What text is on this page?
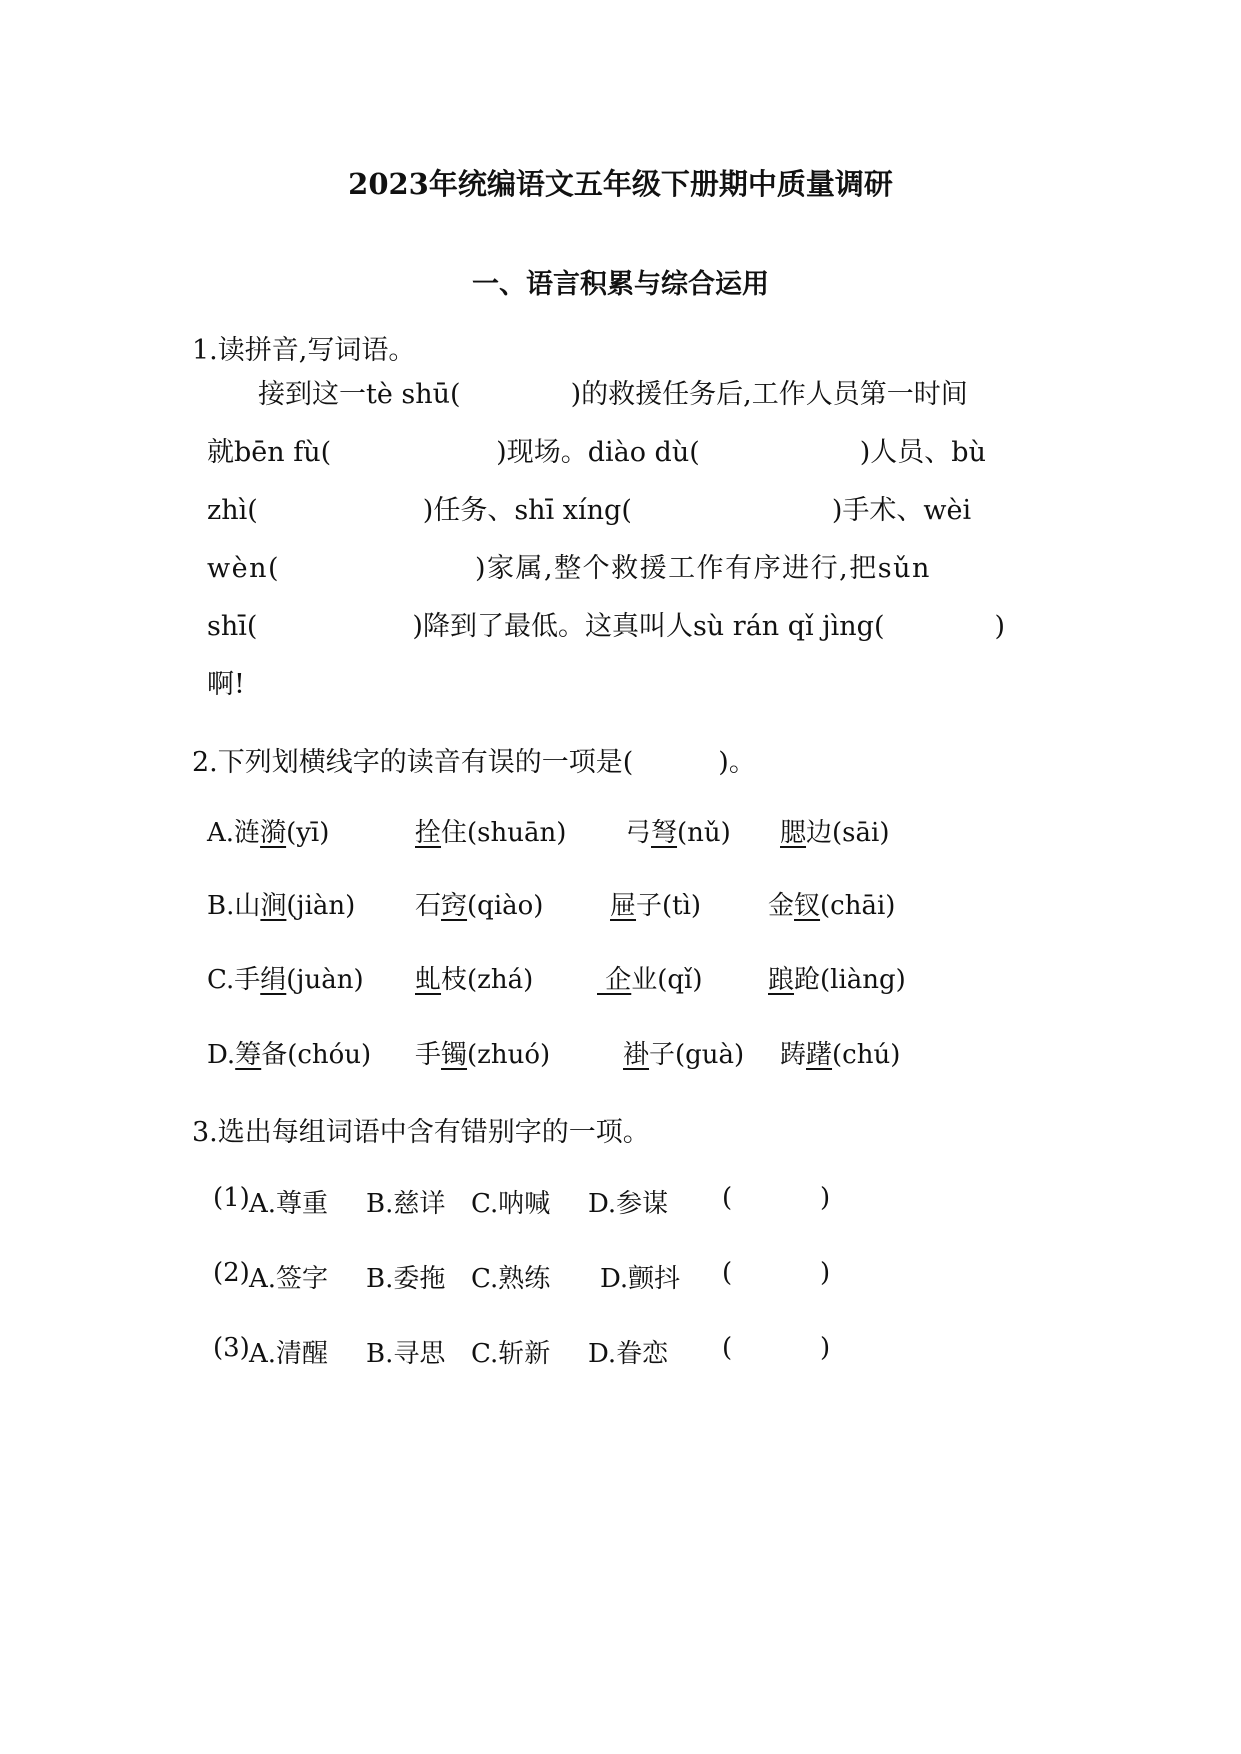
2023年统编语文五年级下册期中质量调研
一、语言积累与综合运用
1.读拼音,写词语。
接到这一tè shū(	)的救援任务后,工作人员第一时间
就bēn fù(	)现场。diào dù(	)人员、bù
zhì(	)任务、shī xíng(	)手术、wèi
wèn(	)家属,整个救援工作有序进行,把sǔn
shī(	)降到了最低。这真叫人sù rán qǐ jìng(	)
啊!
2.下列划横线字的读音有误的一项是(	)。
A.涟漪(yī)	拴住(shuān) 弓弩(nǔ) 腮边(sāi)
B.山涧(jiàn) 石窍(qiào)	屉子(tì)	金钗(chāi)
C.手绢(juàn) 虬枝(zhá) 企业(qǐ)	踉跄(liàng)
D.筹备(chóu) 手镯(zhuó)	褂子(guà) 踌躇(chú)
3.选出每组词语中含有错别字的一项。
(1) A.尊重 B.慈详 C.呐喊 D.参谋 (	)
(2) A.签字 B.委拖 C.熟练 D.颤抖 (	)
(3) A.清醒 B.寻思 C.斩新 D.眷恋 (	)
